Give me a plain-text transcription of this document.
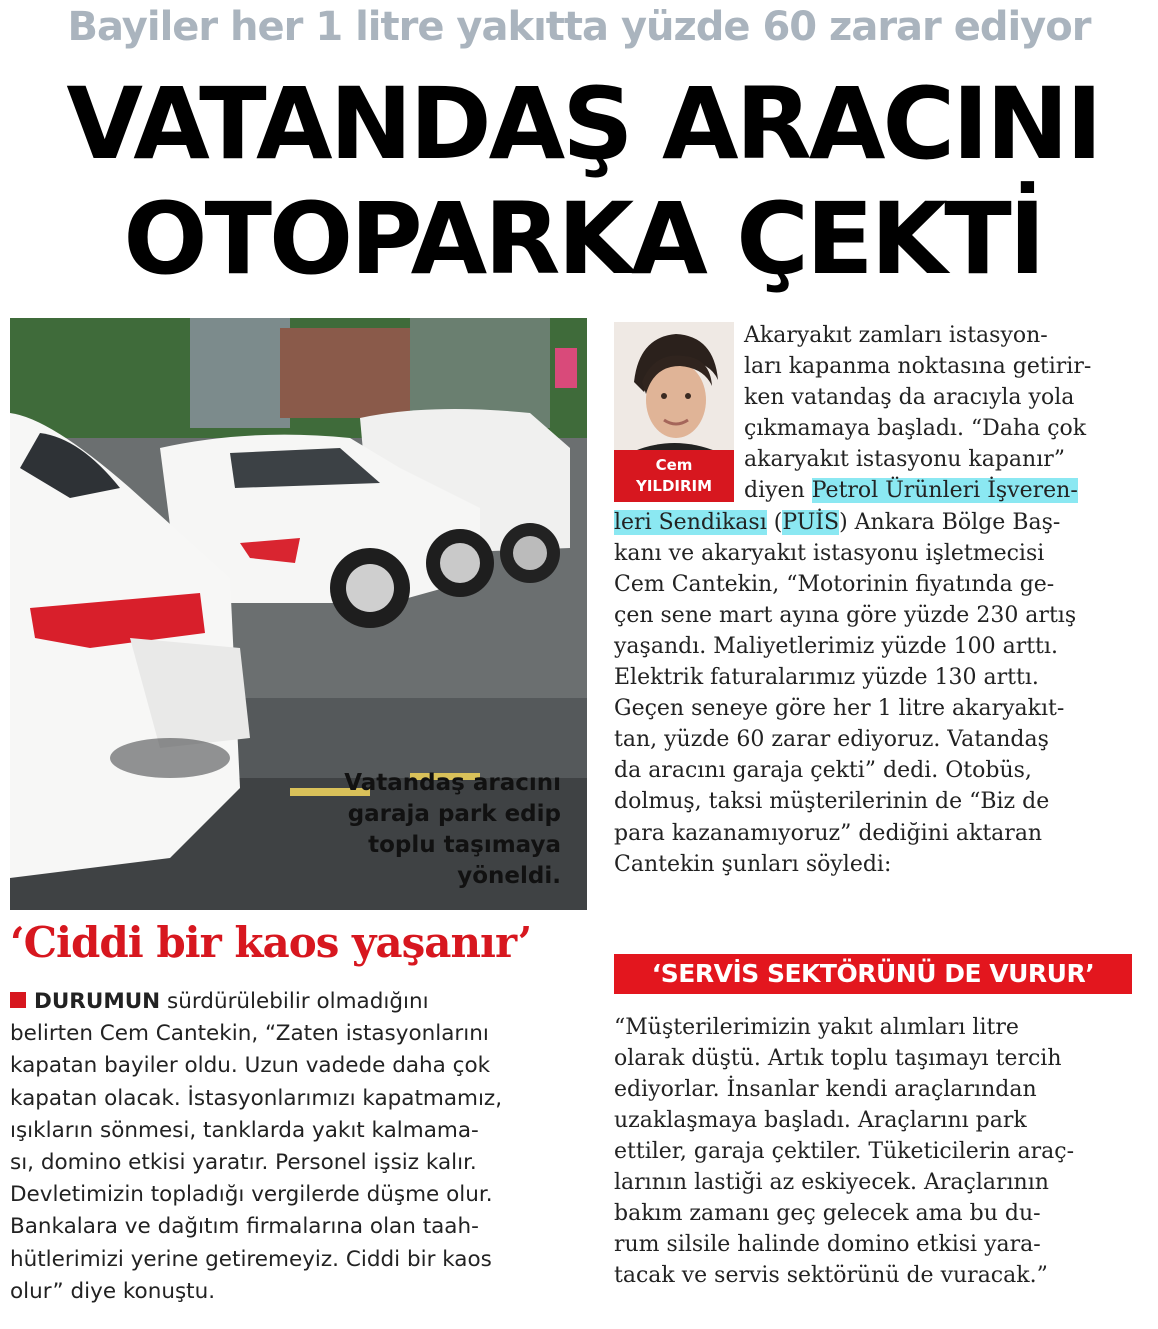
Bayiler her 1 litre yakıtta yüzde 60 zarar ediyor
VATANDAŞ ARACINI
OTOPARKA ÇEKTİ
Vatandaş aracını
garaja park edip
toplu taşımaya
yöneldi.
‘Ciddi bir kaos yaşanır’
DURUMUN sürdürülebilir olmadığını
belirten Cem Cantekin, “Zaten istasyonlarını
kapatan bayiler oldu. Uzun vadede daha çok
kapatan olacak. İstasyonlarımızı kapatmamız,
ışıkların sönmesi, tanklarda yakıt kalmama-
sı, domino etkisi yaratır. Personel işsiz kalır.
Devletimizin topladığı vergilerde düşme olur.
Bankalara ve dağıtım firmalarına olan taah-
hütlerimizi yerine getiremeyiz. Ciddi bir kaos
olur” diye konuştu.
Cem
YILDIRIM
Akaryakıt zamları istasyon-
ları kapanma noktasına getirir-
ken vatandaş da aracıyla yola
çıkmamaya başladı. “Daha çok
akaryakıt istasyonu kapanır”
diyen Petrol Ürünleri İşveren-
leri Sendikası (PUİS) Ankara Bölge Baş-
kanı ve akaryakıt istasyonu işletmecisi
Cem Cantekin, “Motorinin fiyatında ge-
çen sene mart ayına göre yüzde 230 artış
yaşandı. Maliyetlerimiz yüzde 100 arttı.
Elektrik faturalarımız yüzde 130 arttı.
Geçen seneye göre her 1 litre akaryakıt-
tan, yüzde 60 zarar ediyoruz. Vatandaş
da aracını garaja çekti” dedi. Otobüs,
dolmuş, taksi müşterilerinin de “Biz de
para kazanamıyoruz” dediğini aktaran
Cantekin şunları söyledi:
‘SERVİS SEKTÖRÜNÜ DE VURUR’
“Müşterilerimizin yakıt alımları litre
olarak düştü. Artık toplu taşımayı tercih
ediyorlar. İnsanlar kendi araçlarından
uzaklaşmaya başladı. Araçlarını park
ettiler, garaja çektiler. Tüketicilerin araç-
larının lastiği az eskiyecek. Araçlarının
bakım zamanı geç gelecek ama bu du-
rum silsile halinde domino etkisi yara-
tacak ve servis sektörünü de vuracak.”
